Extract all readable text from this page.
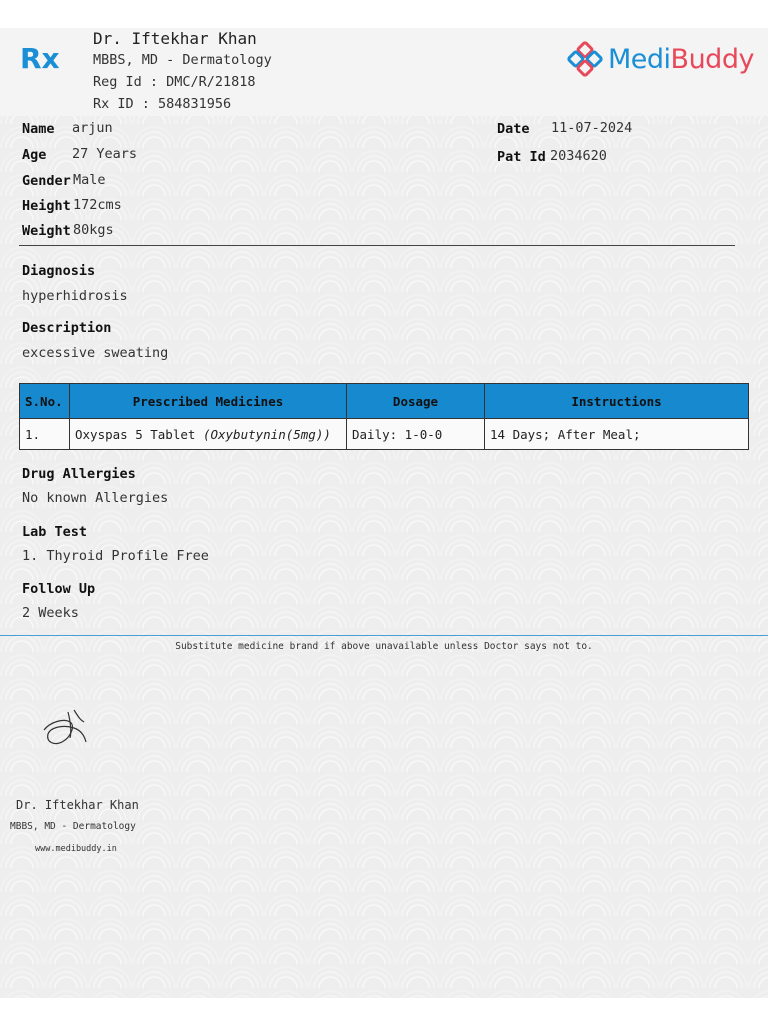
Rx
Dr. Iftekhar Khan
MBBS, MD - Dermatology
Reg Id : DMC/R/21818
Rx ID : 584831956
MediBuddy
Name arjun
Age 27 Years
Gender Male
Height 172cms
Weight 80kgs
Date 11-07-2024
Pat Id 2034620
Diagnosis
hyperhidrosis
Description
excessive sweating
S.No.	Prescribed Medicines	Dosage	Instructions
1.	Oxyspas 5 Tablet (Oxybutynin(5mg))	Daily: 1-0-0	14 Days; After Meal;
Drug Allergies
No known Allergies
Lab Test
1. Thyroid Profile Free
Follow Up
2 Weeks
Substitute medicine brand if above unavailable unless Doctor says not to.
Dr. Iftekhar Khan
MBBS, MD - Dermatology
www.medibuddy.in
